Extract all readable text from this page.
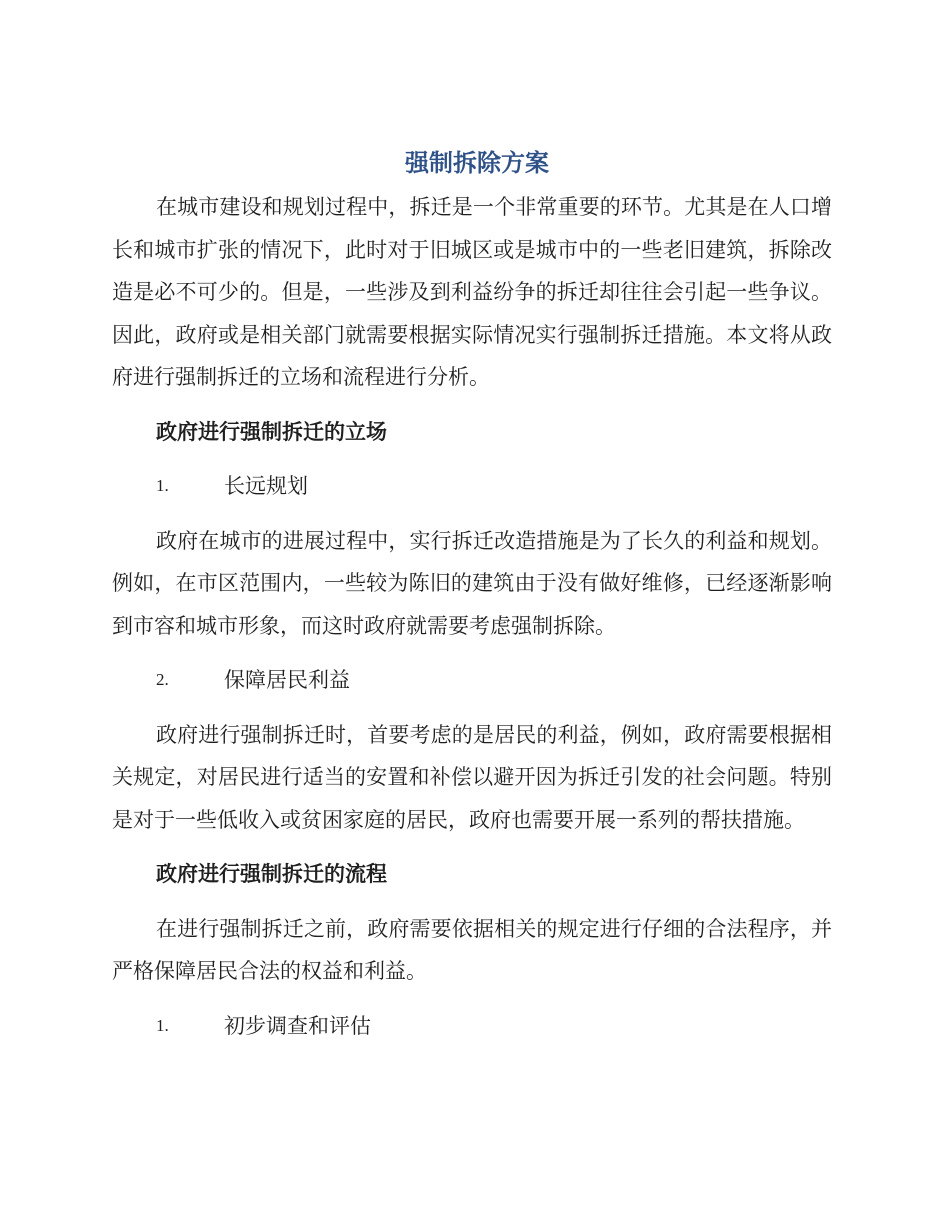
强制拆除方案

在城市建设和规划过程中，拆迁是一个非常重要的环节。尤其是在人口增长和城市扩张的情况下，此时对于旧城区或是城市中的一些老旧建筑，拆除改造是必不可少的。但是，一些涉及到利益纷争的拆迁却往往会引起一些争议。因此，政府或是相关部门就需要根据实际情况实行强制拆迁措施。本文将从政府进行强制拆迁的立场和流程进行分析。

政府进行强制拆迁的立场

1.	长远规划

政府在城市的进展过程中，实行拆迁改造措施是为了长久的利益和规划。例如，在市区范围内，一些较为陈旧的建筑由于没有做好维修，已经逐渐影响到市容和城市形象，而这时政府就需要考虑强制拆除。

2.	保障居民利益

政府进行强制拆迁时，首要考虑的是居民的利益，例如，政府需要根据相关规定，对居民进行适当的安置和补偿以避开因为拆迁引发的社会问题。特别是对于一些低收入或贫困家庭的居民，政府也需要开展一系列的帮扶措施。

政府进行强制拆迁的流程

在进行强制拆迁之前，政府需要依据相关的规定进行仔细的合法程序，并严格保障居民合法的权益和利益。

1.	初步调查和评估
